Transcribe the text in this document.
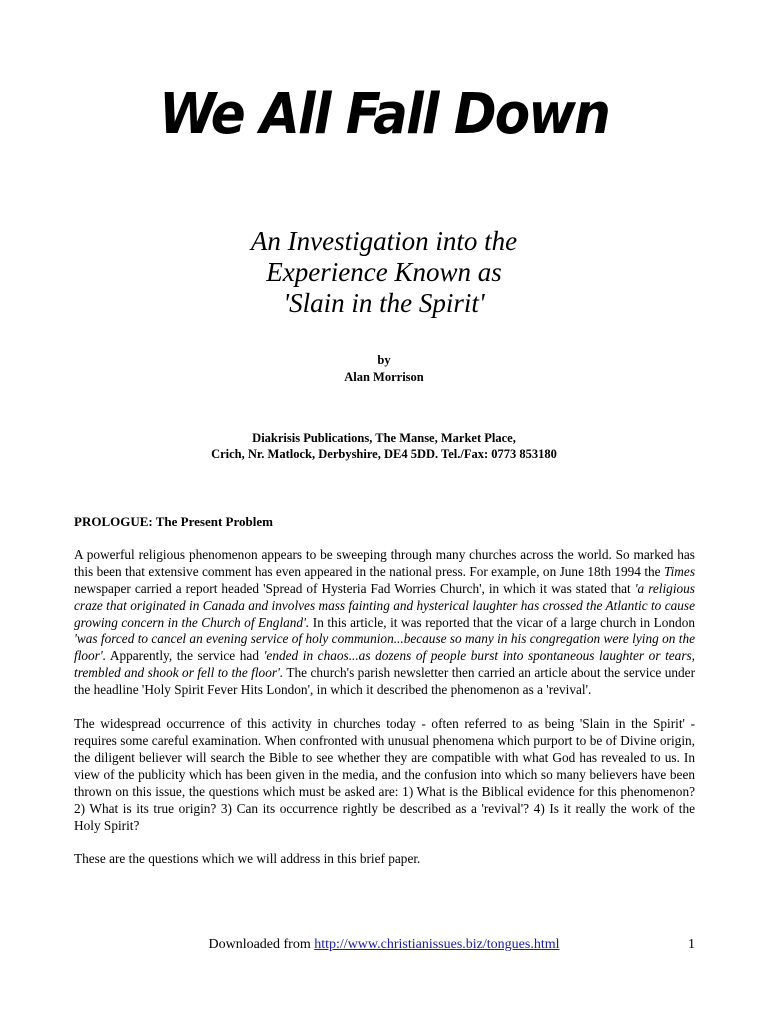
We All Fall Down
An Investigation into the
Experience Known as
'Slain in the Spirit'
by
Alan Morrison
Diakrisis Publications, The Manse, Market Place,
Crich, Nr. Matlock, Derbyshire, DE4 5DD. Tel./Fax: 0773 853180
PROLOGUE: The Present Problem

A powerful religious phenomenon appears to be sweeping through many churches across the world. So marked has this been that extensive comment has even appeared in the national press. For example, on June 18th 1994 the Times newspaper carried a report headed 'Spread of Hysteria Fad Worries Church', in which it was stated that 'a religious craze that originated in Canada and involves mass fainting and hysterical laughter has crossed the Atlantic to cause growing concern in the Church of England'. In this article, it was reported that the vicar of a large church in London 'was forced to cancel an evening service of holy communion...because so many in his congregation were lying on the floor'. Apparently, the service had 'ended in chaos...as dozens of people burst into spontaneous laughter or tears, trembled and shook or fell to the floor'. The church's parish newsletter then carried an article about the service under the headline 'Holy Spirit Fever Hits London', in which it described the phenomenon as a 'revival'.

The widespread occurrence of this activity in churches today - often referred to as being 'Slain in the Spirit' - requires some careful examination. When confronted with unusual phenomena which purport to be of Divine origin, the diligent believer will search the Bible to see whether they are compatible with what God has revealed to us. In view of the publicity which has been given in the media, and the confusion into which so many believers have been thrown on this issue, the questions which must be asked are: 1) What is the Biblical evidence for this phenomenon? 2) What is its true origin? 3) Can its occurrence rightly be described as a 'revival'? 4) Is it really the work of the Holy Spirit?

These are the questions which we will address in this brief paper.

Downloaded from http://www.christianissues.biz/tongues.html	1
